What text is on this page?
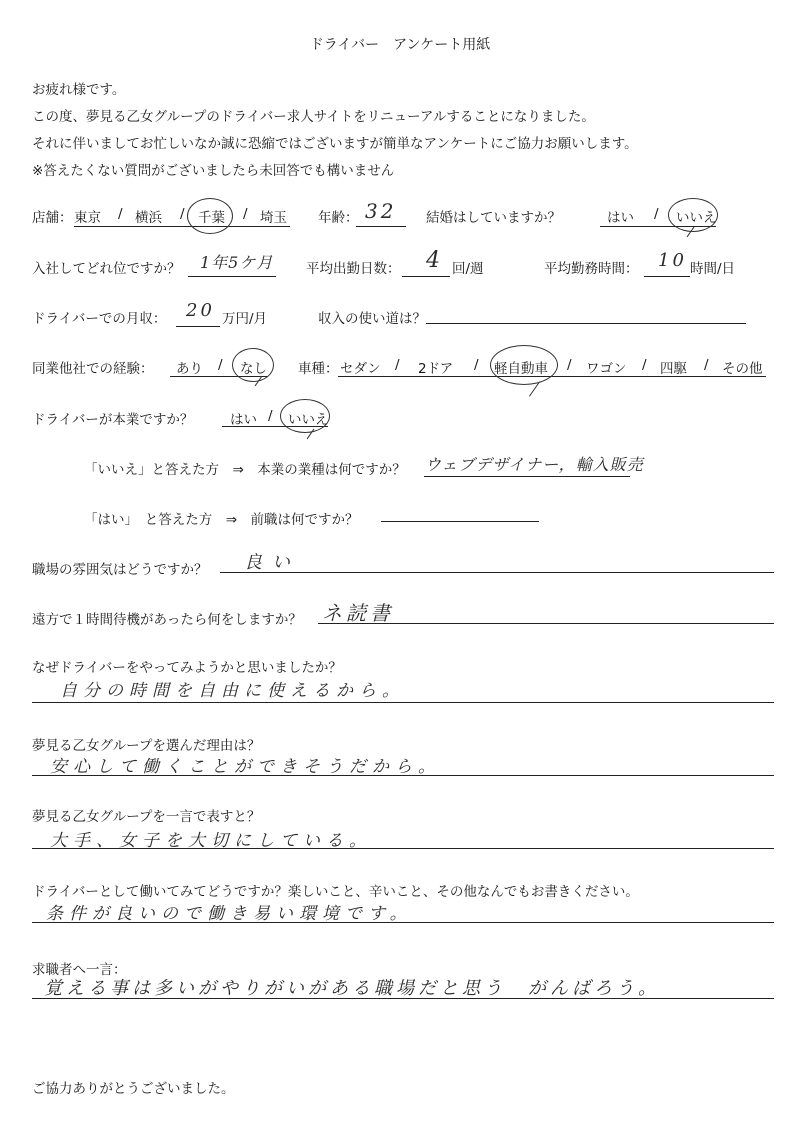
ドライバー　アンケート用紙
お疲れ様です。
この度、夢見る乙女グループのドライバー求人サイトをリニューアルすることになりました。
それに伴いましてお忙しいなか誠に恐縮ではございますが簡単なアンケートにご協力お願いします。
※答えたくない質問がございましたら未回答でも構いません
店舗： 東京 / 横浜 / 千葉 / 埼玉 年齢： 32 結婚はしていますか？	はい / いいえ
入社してどれ位ですか？ 1年5ケ月 平均出勤日数： 4 回/週	平均勤務時間： 10 時間/日
ドライバーでの月収： 20 万円/月	収入の使い道は？
同業他社での経験： あり / なし 車種： セダン / 2ドア / 軽自動車 / ワゴン / 四駆 / その他
ドライバーが本業ですか？	はい / いいえ
「いいえ」と答えた方　⇒　本業の業種は何ですか？ ウェブデザイナー，輸入販売
「はい」　と答えた方　⇒　前職は何ですか？
職場の雰囲気はどうですか？ 良い
遠方で１時間待機があったら何をしますか？ ネ読書
なぜドライバーをやってみようかと思いましたか？
自分の時間を自由に使えるから。
夢見る乙女グループを選んだ理由は？
安心して働くことができそうだから。
夢見る乙女グループを一言で表すと？
大手、女子を大切にしている。
ドライバーとして働いてみてどうですか？楽しいこと、辛いこと、その他なんでもお書きください。
条件が良いので働き易い環境です。
求職者へ一言：
覚える事は多いがやりがいがある職場だと思う　がんばろう。
ご協力ありがとうございました。
